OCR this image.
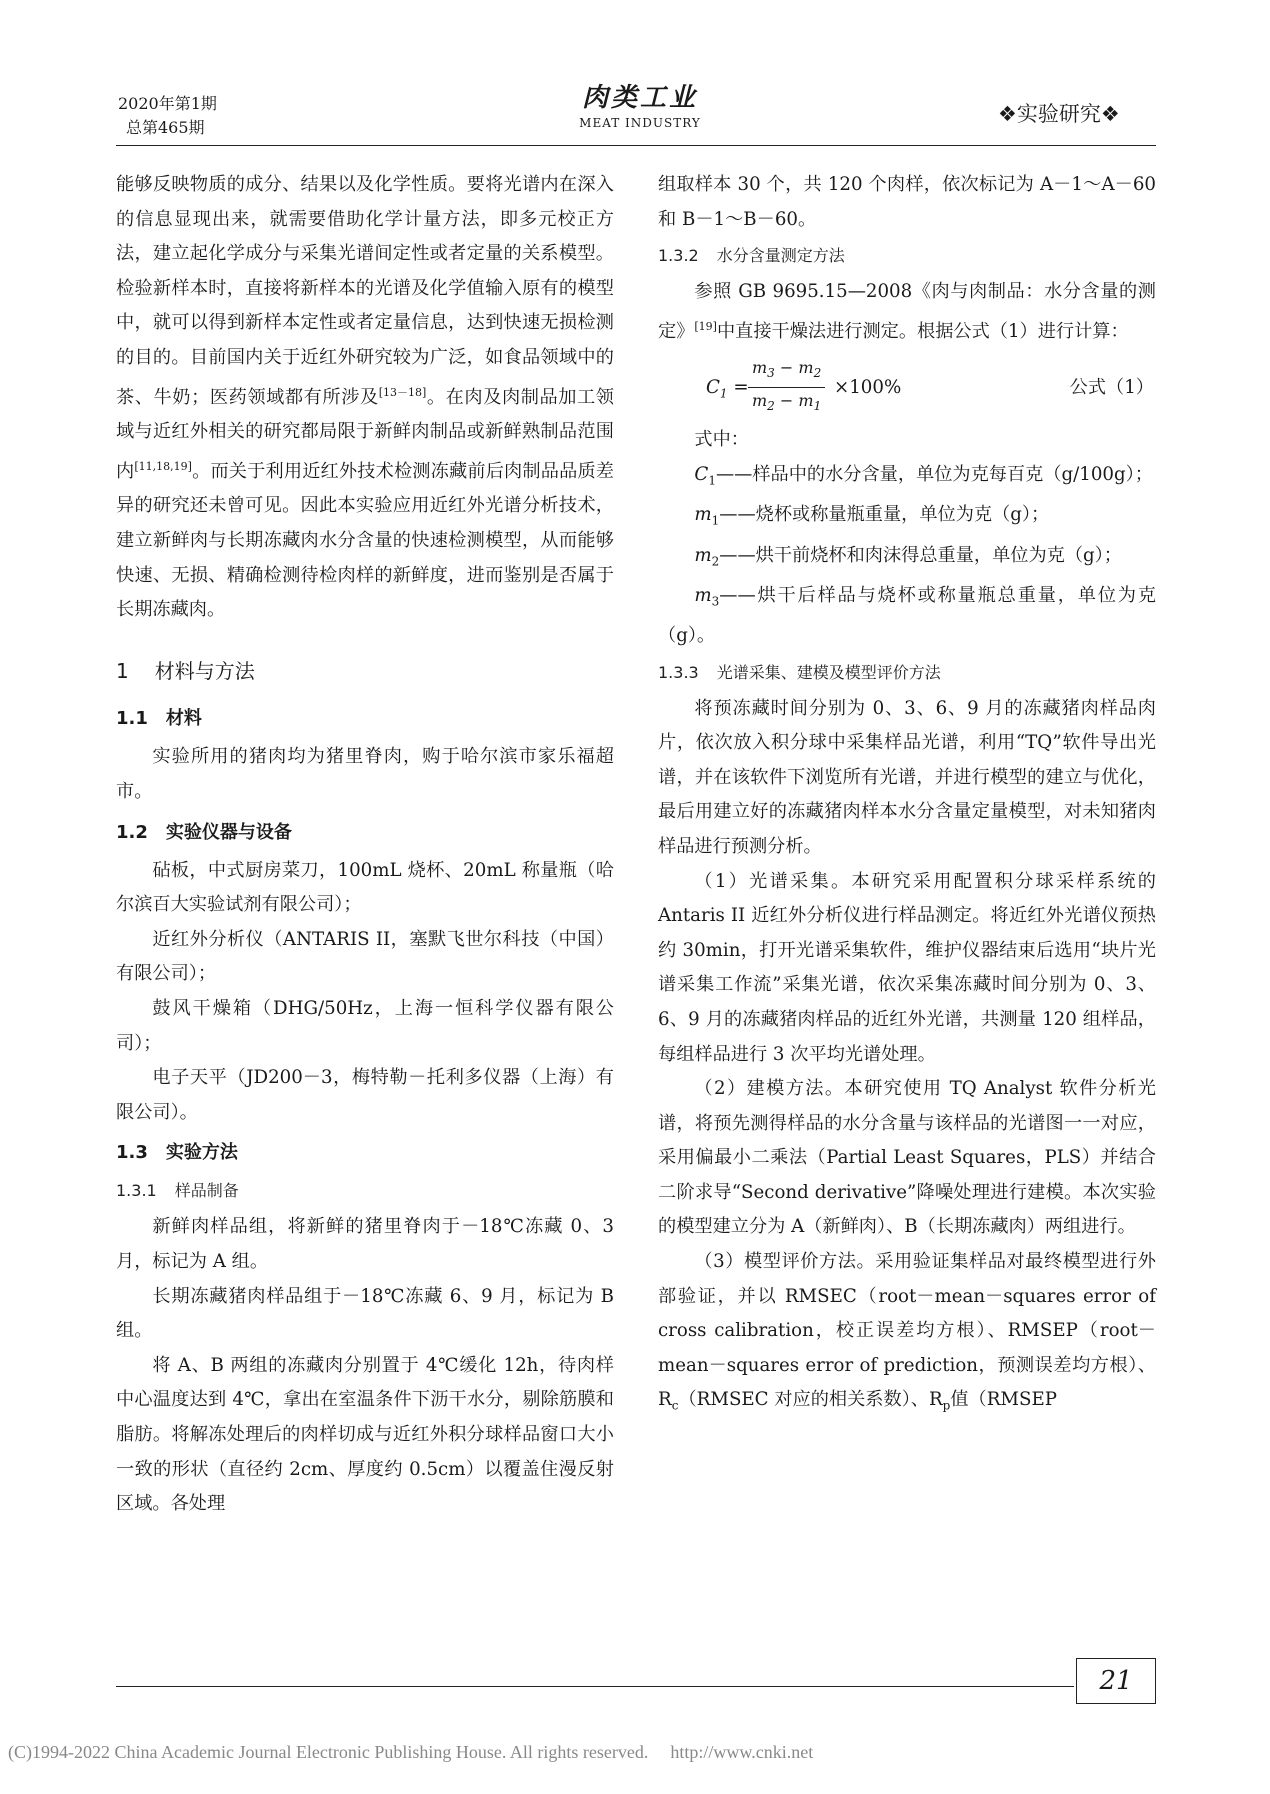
2020年第1期
总第465期
肉类工业
MEAT INDUSTRY	❖实验研究❖

能够反映物质的成分、结果以及化学性质。要将光谱内在深入的信息显现出来，就需要借助化学计量方法，即多元校正方法，建立起化学成分与采集光谱间定性或者定量的关系模型。检验新样本时，直接将新样本的光谱及化学值输入原有的模型中，就可以得到新样本定性或者定量信息，达到快速无损检测的目的。目前国内关于近红外研究较为广泛，如食品领域中的茶、牛奶；医药领域都有所涉及[13－18]。在肉及肉制品加工领域与近红外相关的研究都局限于新鲜肉制品或新鲜熟制品范围内[11,18,19]。而关于利用近红外技术检测冻藏前后肉制品品质差异的研究还未曾可见。因此本实验应用近红外光谱分析技术，建立新鲜肉与长期冻藏肉水分含量的快速检测模型，从而能够快速、无损、精确检测待检肉样的新鲜度，进而鉴别是否属于长期冻藏肉。

1 材料与方法
1.1 材料

实验所用的猪肉均为猪里脊肉，购于哈尔滨市家乐福超市。

1.2 实验仪器与设备

砧板，中式厨房菜刀，100mL 烧杯、20mL 称量瓶（哈尔滨百大实验试剂有限公司）；

近红外分析仪（ANTARIS II，塞默飞世尔科技（中国）有限公司）；

鼓风干燥箱（DHG/50Hz，上海一恒科学仪器有限公司）；

电子天平（JD200－3，梅特勒－托利多仪器（上海）有限公司）。

1.3 实验方法
1.3.1 样品制备

新鲜肉样品组，将新鲜的猪里脊肉于－18℃冻藏 0、3 月，标记为 A 组。

长期冻藏猪肉样品组于－18℃冻藏 6、9 月，标记为 B 组。

将 A、B 两组的冻藏肉分别置于 4℃缓化 12h，待肉样中心温度达到 4℃，拿出在室温条件下沥干水分，剔除筋膜和脂肪。将解冻处理后的肉样切成与近红外积分球样品窗口大小一致的形状（直径约 2cm、厚度约 0.5cm）以覆盖住漫反射区域。各处理

组取样本 30 个，共 120 个肉样，依次标记为 A－1～A－60 和 B－1～B－60。

1.3.2 水分含量测定方法

参照 GB 9695.15—2008《肉与肉制品：水分含量的测定》[19]中直接干燥法进行测定。根据公式（1）进行计算：

$C_1 = \frac{m_3 - m_2}{m_2 - m_1} \times 100\%$	公式（1）

式中：

$C_1——$样品中的水分含量，单位为克每百克（g/100g）；

$m_1——$烧杯或称量瓶重量，单位为克（g）；

$m_2——$烘干前烧杯和肉沫得总重量，单位为克（g）；

$m_3——$烘干后样品与烧杯或称量瓶总重量，单位为克（g）。

1.3.3 光谱采集、建模及模型评价方法

将预冻藏时间分别为 0、3、6、9 月的冻藏猪肉样品肉片，依次放入积分球中采集样品光谱，利用“TQ”软件导出光谱，并在该软件下浏览所有光谱，并进行模型的建立与优化，最后用建立好的冻藏猪肉样本水分含量定量模型，对未知猪肉样品进行预测分析。

（1）光谱采集。本研究采用配置积分球采样系统的 Antaris II 近红外分析仪进行样品测定。将近红外光谱仪预热约 30min，打开光谱采集软件，维护仪器结束后选用“块片光谱采集工作流”采集光谱，依次采集冻藏时间分别为 0、3、6、9 月的冻藏猪肉样品的近红外光谱，共测量 120 组样品，每组样品进行 3 次平均光谱处理。

（2）建模方法。本研究使用 TQ Analyst 软件分析光谱，将预先测得样品的水分含量与该样品的光谱图一一对应，采用偏最小二乘法（Partial Least Squares，PLS）并结合二阶求导“Second derivative”降噪处理进行建模。本次实验的模型建立分为 A（新鲜肉）、B（长期冻藏肉）两组进行。

（3）模型评价方法。采用验证集样品对最终模型进行外部验证，并以 RMSEC（root－mean－squares error of cross calibration，校正误差均方根）、RMSEP（root－mean－squares error of prediction，预测误差均方根）、$R_c(RMSEC$ 对应的相关系数）、$R_p$值（RMSEP

21
(C)1994-2022 China Academic Journal Electronic Publishing House. All rights reserved. http://www.cnki.net
